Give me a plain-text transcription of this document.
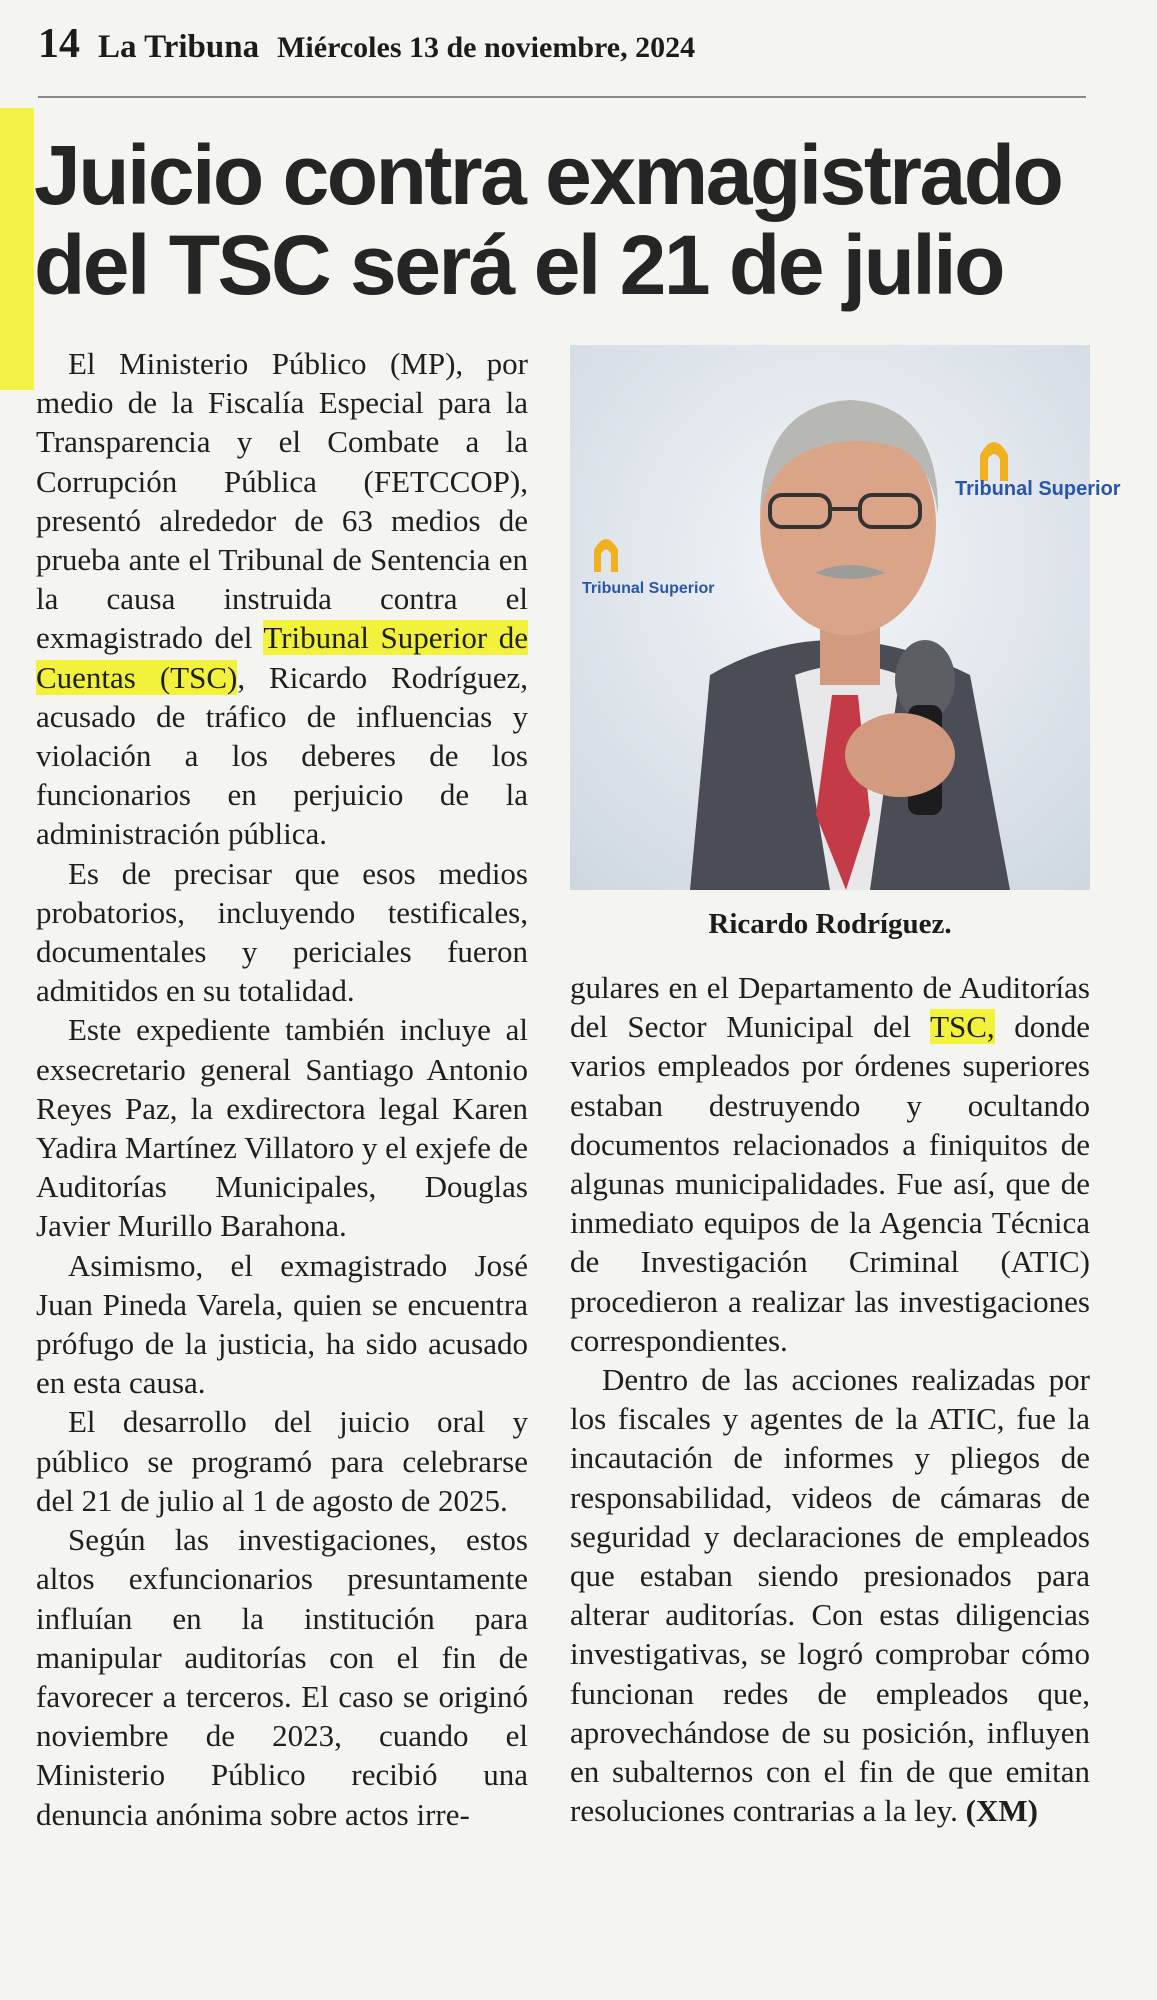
14 La Tribuna Miércoles 13 de noviembre, 2024
Juicio contra exmagistrado
del TSC será el 21 de julio

El Ministerio Público (MP), por medio de la Fiscalía Especial para la Transparencia y el Combate a la Corrupción Pública (FETCCOP), presentó alrededor de 63 medios de prueba ante el Tribunal de Sentencia en la causa instruida contra el exmagistrado del Tribunal Superior de Cuentas (TSC), Ricardo Rodríguez, acusado de tráfico de influencias y violación a los deberes de los funcionarios en perjuicio de la administración pública.

Es de precisar que esos medios probatorios, incluyendo testificales, documentales y periciales fueron admitidos en su totalidad.

Este expediente también incluye al exsecretario general Santiago Antonio Reyes Paz, la exdirectora legal Karen Yadira Martínez Villatoro y el exjefe de Auditorías Municipales, Douglas Javier Murillo Barahona.

Asimismo, el exmagistrado José Juan Pineda Varela, quien se encuentra prófugo de la justicia, ha sido acusado en esta causa.

El desarrollo del juicio oral y público se programó para celebrarse del 21 de julio al 1 de agosto de 2025.

Según las investigaciones, estos altos exfuncionarios presuntamente influían en la institución para manipular auditorías con el fin de favorecer a terceros. El caso se originó noviembre de 2023, cuando el Ministerio Público recibió una denuncia anónima sobre actos irre-

Tribunal Superior
Tribunal Superior
Ricardo Rodríguez.

gulares en el Departamento de Auditorías del Sector Municipal del TSC, donde varios empleados por órdenes superiores estaban destruyendo y ocultando documentos relacionados a finiquitos de algunas municipalidades. Fue así, que de inmediato equipos de la Agencia Técnica de Investigación Criminal (ATIC) procedieron a realizar las investigaciones correspondientes.

Dentro de las acciones realizadas por los fiscales y agentes de la ATIC, fue la incautación de informes y pliegos de responsabilidad, videos de cámaras de seguridad y declaraciones de empleados que estaban siendo presionados para alterar auditorías. Con estas diligencias investigativas, se logró comprobar cómo funcionan redes de empleados que, aprovechándose de su posición, influyen en subalternos con el fin de que emitan resoluciones contrarias a la ley. (XM)
